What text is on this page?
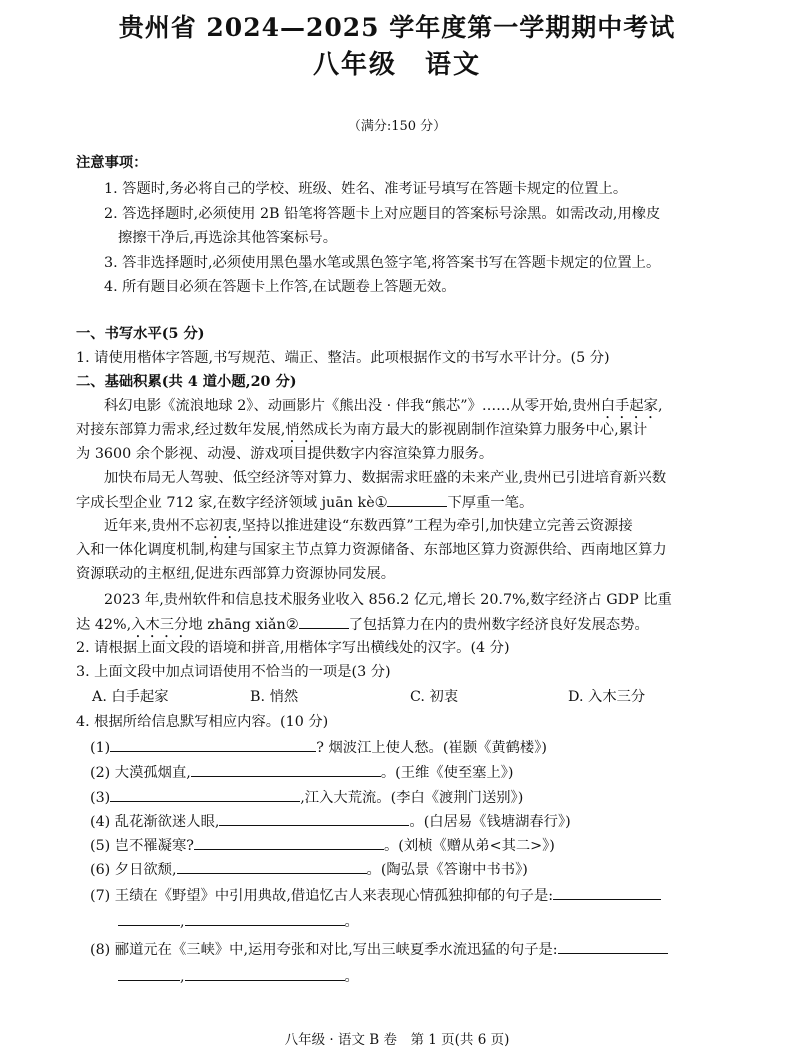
贵州省 2024—2025 学年度第一学期期中考试
八年级　语文
（满分:150 分）
注意事项：
1. 答题时,务必将自己的学校、班级、姓名、准考证号填写在答题卡规定的位置上。
2. 答选择题时,必须使用 2B 铅笔将答题卡上对应题目的答案标号涂黑。如需改动,用橡皮
擦擦干净后,再选涂其他答案标号。
3. 答非选择题时,必须使用黑色墨水笔或黑色签字笔,将答案书写在答题卡规定的位置上。
4. 所有题目必须在答题卡上作答,在试题卷上答题无效。
一、书写水平(5 分)
1. 请使用楷体字答题,书写规范、端正、整洁。此项根据作文的书写水平计分。(5 分)
二、基础积累(共 4 道小题,20 分)
科幻电影《流浪地球 2》、动画影片《熊出没 · 伴我“熊芯”》……从零开始,贵州白手起家,
对接东部算力需求,经过数年发展,悄然成长为南方最大的影视剧制作渲染算力服务中心,累计
为 3600 余个影视、动漫、游戏项目提供数字内容渲染算力服务。
加快布局无人驾驶、低空经济等对算力、数据需求旺盛的未来产业,贵州已引进培育新兴数
字成长型企业 712 家,在数字经济领域 juān kè①	下厚重一笔。
近年来,贵州不忘初衷,坚持以推进建设“东数西算”工程为牵引,加快建立完善云资源接
入和一体化调度机制,构建与国家主节点算力资源储备、东部地区算力资源供给、西南地区算力
资源联动的主枢纽,促进东西部算力资源协同发展。
2023 年,贵州软件和信息技术服务业收入 856.2 亿元,增长 20.7%,数字经济占 GDP 比重
达 42%,入木三分地 zhāng xiǎn②	了包括算力在内的贵州数字经济良好发展态势。
2. 请根据上面文段的语境和拼音,用楷体字写出横线处的汉字。(4 分)
3. 上面文段中加点词语使用不恰当的一项是(3 分)
A. 白手起家	B. 悄然	C. 初衷	D. 入木三分
4. 根据所给信息默写相应内容。(10 分)
(1)	? 烟波江上使人愁。(崔颢《黄鹤楼》)
(2) 大漠孤烟直,	。(王维《使至塞上》)
(3)	,江入大荒流。(李白《渡荆门送别》)
(4) 乱花渐欲迷人眼,	。(白居易《钱塘湖春行》)
(5) 岂不罹凝寒?	。(刘桢《赠从弟<其二>》)
(6) 夕日欲颓,	。(陶弘景《答谢中书书》)
(7) 王绩在《野望》中引用典故,借追忆古人来表现心情孤独抑郁的句子是:
,	。
(8) 郦道元在《三峡》中,运用夸张和对比,写出三峡夏季水流迅猛的句子是:
,	。
八年级 · 语文 B 卷　第 1 页(共 6 页)
